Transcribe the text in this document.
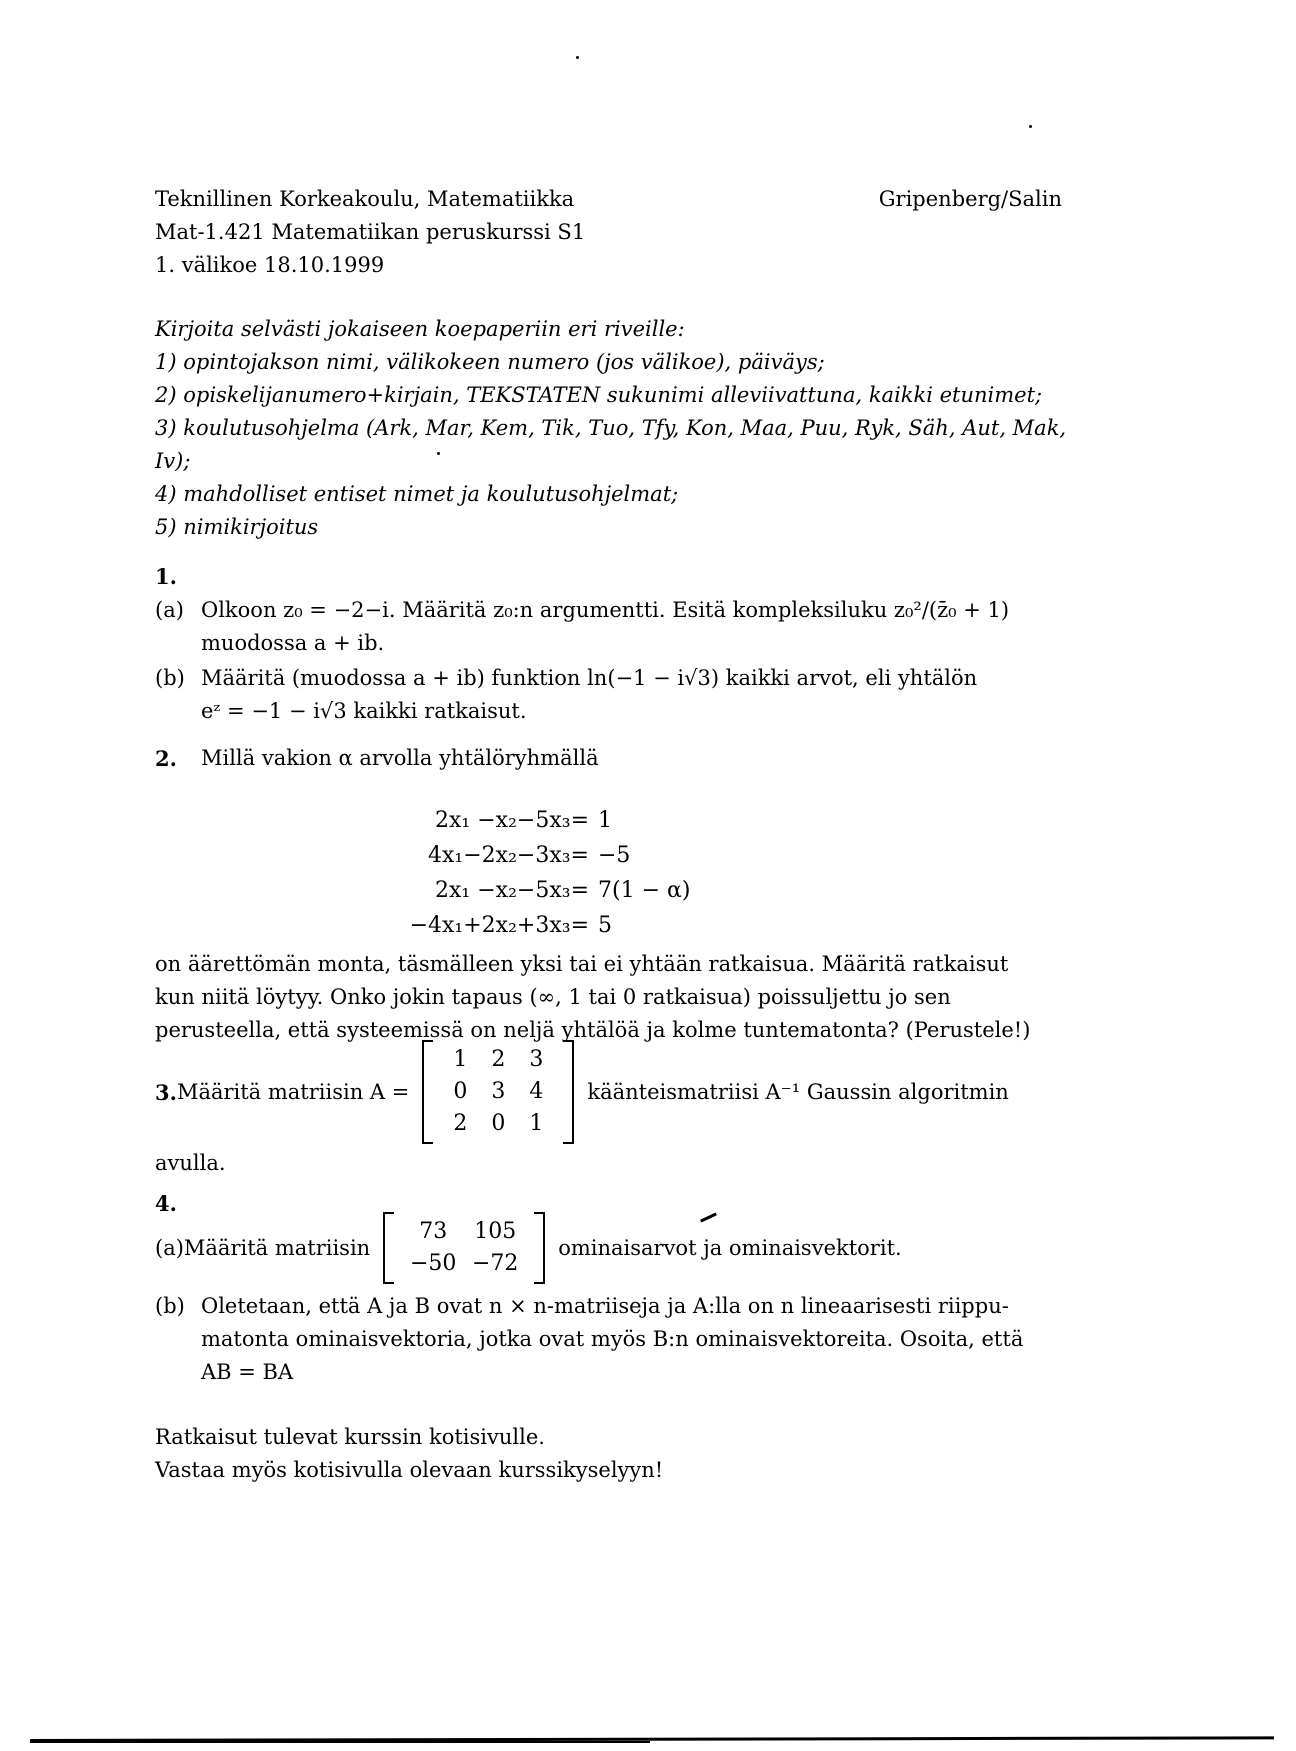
Teknillinen Korkeakoulu, Matematiikka	Gripenberg/Salin
Mat-1.421 Matematiikan peruskurssi S1
1. välikoe 18.10.1999
Kirjoita selvästi jokaiseen koepaperiin eri riveille:
1) opintojakson nimi, välikokeen numero (jos välikoe), päiväys;
2) opiskelijanumero+kirjain, TEKSTATEN sukunimi alleviivattuna, kaikki etunimet;
3) koulutusohjelma (Ark, Mar, Kem, Tik, Tuo, Tfy, Kon, Maa, Puu, Ryk, Säh, Aut, Mak,
Iv);
4) mahdolliset entiset nimet ja koulutusohjelmat;
5) nimikirjoitus
1.
(a) Olkoon z₀ = −2−i. Määritä z₀:n argumentti. Esitä kompleksiluku z₀²/(z̄₀ + 1)
muodossa a + ib.
(b) Määritä (muodossa a + ib) funktion ln(−1 − i√3) kaikki arvot, eli yhtälön
eᶻ = −1 − i√3 kaikki ratkaisut.
2.	Millä vakion α arvolla yhtälöryhmällä
2x₁ −x₂−5x₃= 1
4x₁−2x₂−3x₃= −5
2x₁ −x₂−5x₃= 7(1 − α)
−4x₁+2x₂+3x₃= 5
on äärettömän monta, täsmälleen yksi tai ei yhtään ratkaisua. Määritä ratkaisut
kun niitä löytyy. Onko jokin tapaus (∞, 1 tai 0 ratkaisua) poissuljettu jo sen
perusteella, että systeemissä on neljä yhtälöä ja kolme tuntematonta? (Perustele!)
3. Määritä matriisin A =
1	2	3
0	3	4
2	0	1
käänteismatriisi A⁻¹ Gaussin algoritmin
avulla.
4.
(a) Määritä matriisin
73	105
−50 −72
ominaisarvot ja ominaisvektorit.
(b) Oletetaan, että A ja B ovat n × n-matriiseja ja A:lla on n lineaarisesti riippu-
matonta ominaisvektoria, jotka ovat myös B:n ominaisvektoreita. Osoita, että
AB = BA
Ratkaisut tulevat kurssin kotisivulle.
Vastaa myös kotisivulla olevaan kurssikyselyyn!
